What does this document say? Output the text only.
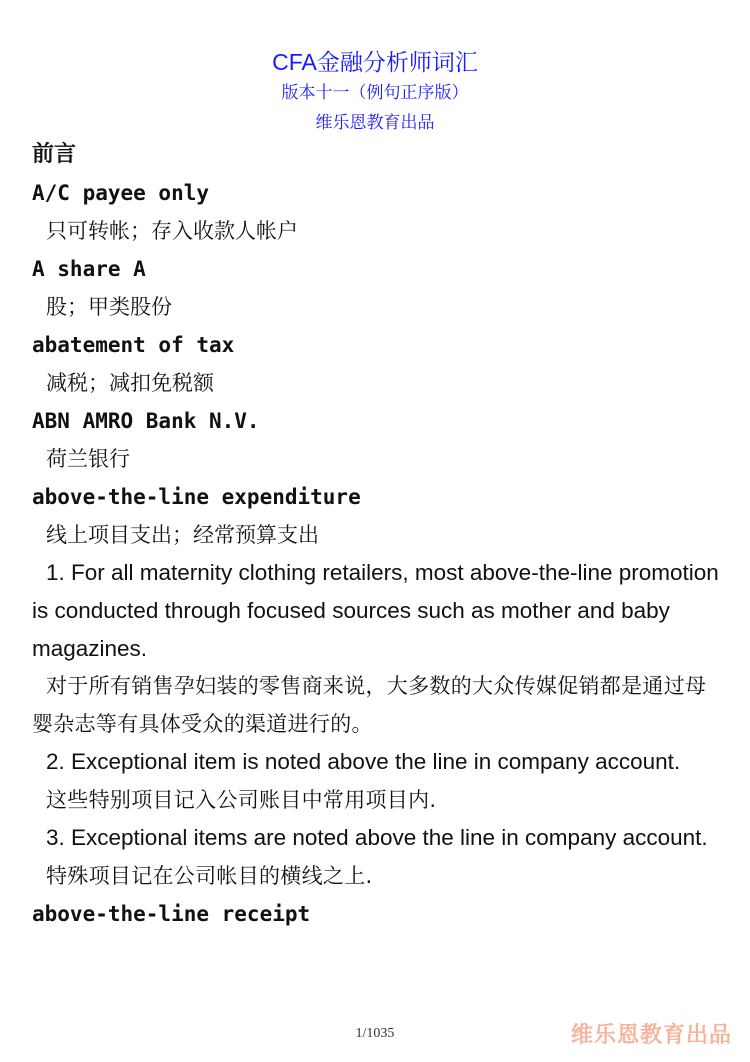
CFA金融分析师词汇
版本十一（例句正序版）
维乐恩教育出品
前言
A/C payee only
只可转帐；存入收款人帐户
A share A
股；甲类股份
abatement of tax
减税；减扣免税额
ABN AMRO Bank N.V.
荷兰银行
above-the-line expenditure
线上项目支出；经常预算支出

1. For all maternity clothing retailers, most above-the-line promotion is conducted through focused sources such as mother and baby magazines.

对于所有销售孕妇装的零售商来说，大多数的大众传媒促销都是通过母婴杂志等有具体受众的渠道进行的。

2. Exceptional item is noted above the line in company account.

这些特别项目记入公司账目中常用项目内.

3. Exceptional items are noted above the line in company account.

特殊项目记在公司帐目的横线之上.

above-the-line receipt
1/1035	维乐恩教育出品
